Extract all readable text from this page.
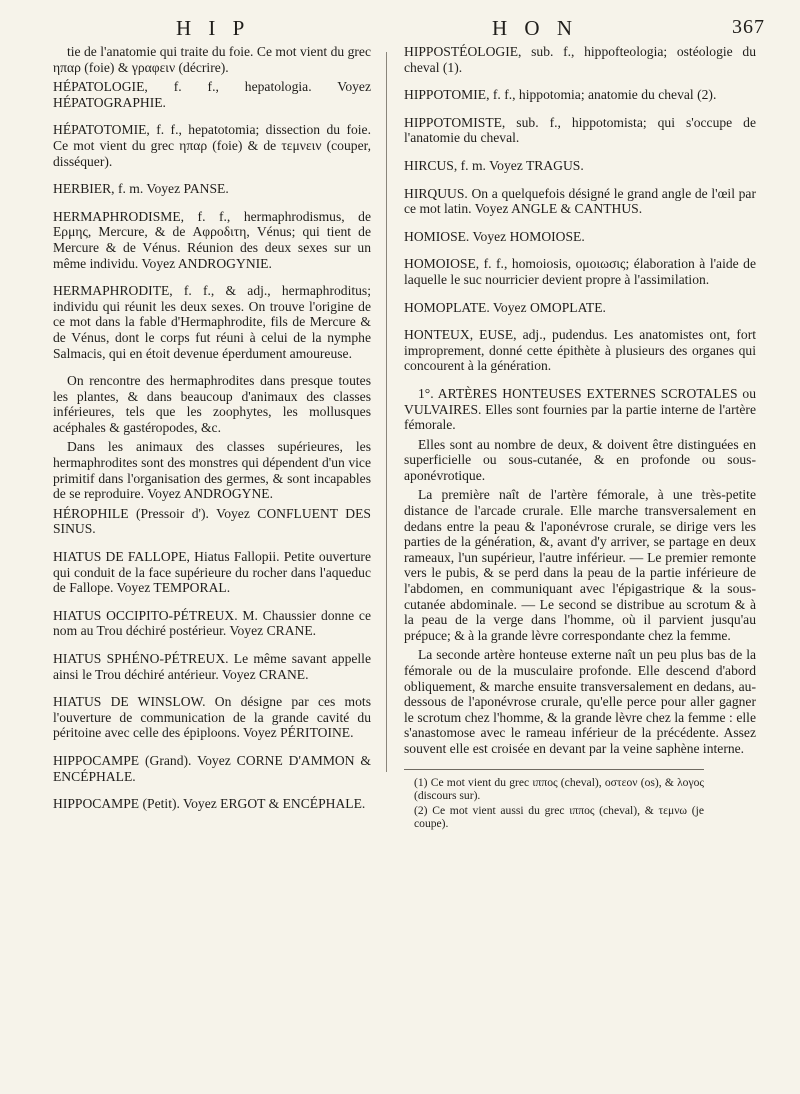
H I P	H O N	367

tie de l'anatomie qui traite du foie. Ce mot vient du grec ηπαρ (foie) & γραφειν (décrire).

HÉPATOLOGIE, f. f., hepatologia. Voyez HÉPATOGRAPHIE.

HÉPATOTOMIE, f. f., hepatotomia; dissection du foie. Ce mot vient du grec ηπαρ (foie) & de τεμνειν (couper, disséquer).

HERBIER, f. m. Voyez PANSE.

HERMAPHRODISME, f. f., hermaphrodismus, de Ερμης, Mercure, & de Αφροδιτη, Vénus; qui tient de Mercure & de Vénus. Réunion des deux sexes sur un même individu. Voyez ANDROGYNIE.

HERMAPHRODITE, f. f., & adj., hermaphroditus; individu qui réunit les deux sexes. On trouve l'origine de ce mot dans la fable d'Hermaphrodite, fils de Mercure & de Vénus, dont le corps fut réuni à celui de la nymphe Salmacis, qui en étoit devenue éperdument amoureuse.

On rencontre des hermaphrodites dans presque toutes les plantes, & dans beaucoup d'animaux des classes inférieures, tels que les zoophytes, les mollusques acéphales & gastéropodes, &c.

Dans les animaux des classes supérieures, les hermaphrodites sont des monstres qui dépendent d'un vice primitif dans l'organisation des germes, & sont incapables de se reproduire. Voyez ANDROGYNE.

HÉROPHILE (Pressoir d'). Voyez CONFLUENT DES SINUS.

HIATUS DE FALLOPE, Hiatus Fallopii. Petite ouverture qui conduit de la face supérieure du rocher dans l'aqueduc de Fallope. Voyez TEMPORAL.

HIATUS OCCIPITO-PÉTREUX. M. Chaussier donne ce nom au Trou déchiré postérieur. Voyez CRANE.

HIATUS SPHÉNO-PÉTREUX. Le même savant appelle ainsi le Trou déchiré antérieur. Voyez CRANE.

HIATUS DE WINSLOW. On désigne par ces mots l'ouverture de communication de la grande cavité du péritoine avec celle des épiploons. Voyez PÉRITOINE.

HIPPOCAMPE (Grand). Voyez CORNE D'AMMON & ENCÉPHALE.

HIPPOCAMPE (Petit). Voyez ERGOT & ENCÉPHALE.

HIPPOSTÉOLOGIE, sub. f., hippofteologia; ostéologie du cheval (1).

HIPPOTOMIE, f. f., hippotomia; anatomie du cheval (2).

HIPPOTOMISTE, sub. f., hippotomista; qui s'occupe de l'anatomie du cheval.

HIRCUS, f. m. Voyez TRAGUS.

HIRQUUS. On a quelquefois désigné le grand angle de l'œil par ce mot latin. Voyez ANGLE & CANTHUS.

HOMIOSE. Voyez HOMOIOSE.

HOMOIOSE, f. f., homoiosis, ομοιωσις; élaboration à l'aide de laquelle le suc nourricier devient propre à l'assimilation.

HOMOPLATE. Voyez OMOPLATE.

HONTEUX, EUSE, adj., pudendus. Les anatomistes ont, fort improprement, donné cette épithète à plusieurs des organes qui concourent à la génération.

1°. ARTÈRES HONTEUSES EXTERNES SCROTALES ou VULVAIRES. Elles sont fournies par la partie interne de l'artère fémorale.

Elles sont au nombre de deux, & doivent être distinguées en superficielle ou sous-cutanée, & en profonde ou sous-aponévrotique.

La première naît de l'artère fémorale, à une très-petite distance de l'arcade crurale. Elle marche transversalement en dedans entre la peau & l'aponévrose crurale, se dirige vers les parties de la génération, &, avant d'y arriver, se partage en deux rameaux, l'un supérieur, l'autre inférieur. — Le premier remonte vers le pubis, & se perd dans la peau de la partie inférieure de l'abdomen, en communiquant avec l'épigastrique & la sous-cutanée abdominale. — Le second se distribue au scrotum & à la peau de la verge dans l'homme, où il parvient jusqu'au prépuce; & à la grande lèvre correspondante chez la femme.

La seconde artère honteuse externe naît un peu plus bas de la fémorale ou de la musculaire profonde. Elle descend d'abord obliquement, & marche ensuite transversalement en dedans, au-dessous de l'aponévrose crurale, qu'elle perce pour aller gagner le scrotum chez l'homme, & la grande lèvre chez la femme : elle s'anastomose avec le rameau inférieur de la précédente. Assez souvent elle est croisée en devant par la veine saphène interne.

(1) Ce mot vient du grec ιππος (cheval), οστεον (os), & λογος (discours sur).

(2) Ce mot vient aussi du grec ιππος (cheval), & τεμνω (je coupe).
